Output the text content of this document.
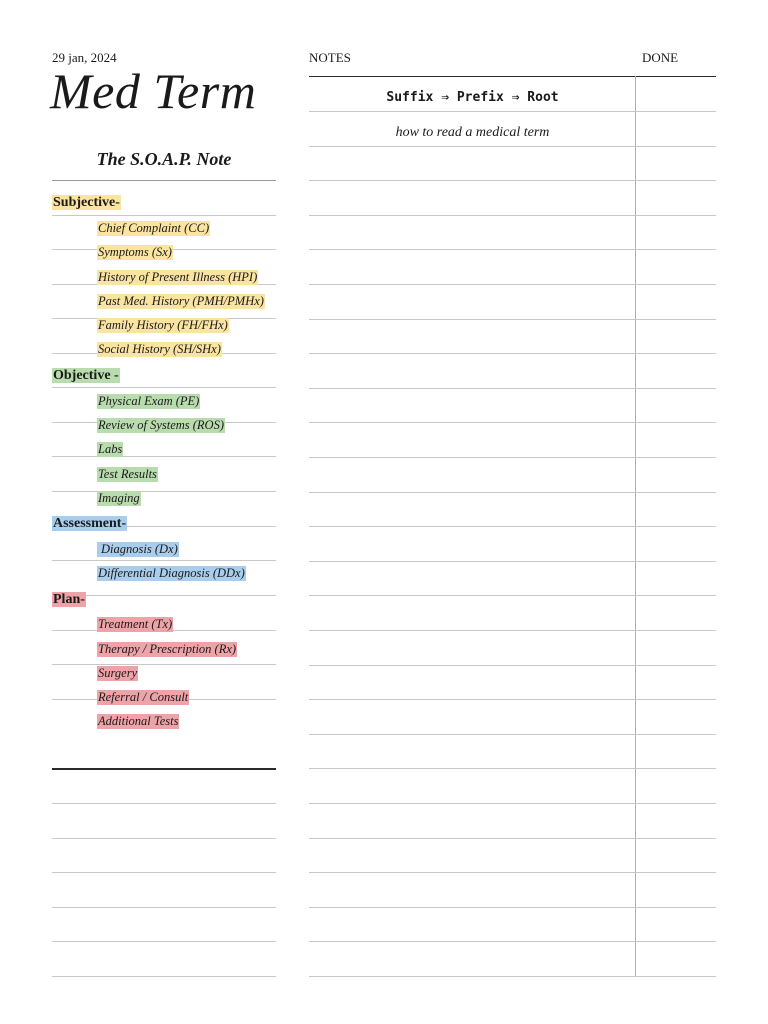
29 jan, 2024
Med Term
The S.O.A.P. Note
NOTES	DONE
Suffix ⇒ Prefix ⇒ Root
how to read a medical term
Subjective-
Chief Complaint (CC)
Symptoms (Sx)
History of Present Illness (HPI)
Past Med. History (PMH/PMHx)
Family History (FH/FHx)
Social History (SH/SHx)
Objective -
Physical Exam (PE)
Review of Systems (ROS)
Labs
Test Results
Imaging
Assessment-
Diagnosis (Dx)
Differential Diagnosis (DDx)
Plan-
Treatment (Tx)
Therapy / Prescription (Rx)
Surgery
Referral / Consult
Additional Tests
